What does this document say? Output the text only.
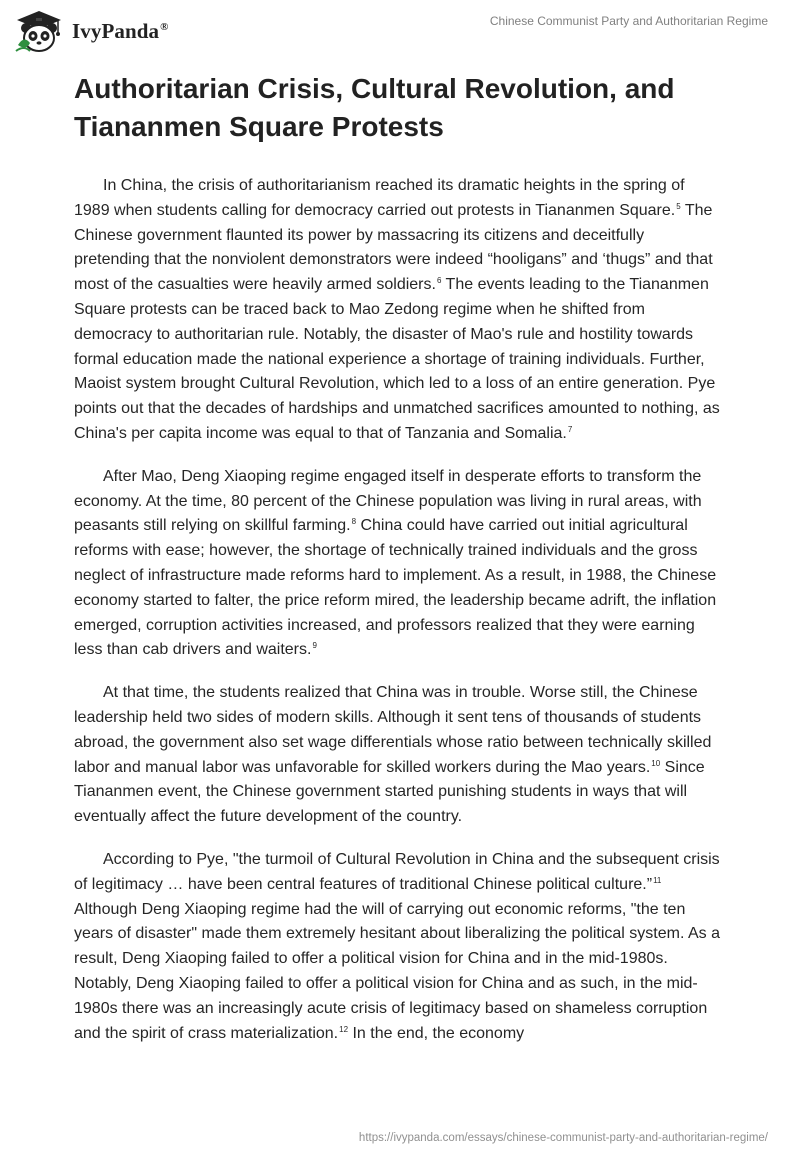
IvyPanda®	Chinese Communist Party and Authoritarian Regime
Authoritarian Crisis, Cultural Revolution, and Tiananmen Square Protests

In China, the crisis of authoritarianism reached its dramatic heights in the spring of 1989 when students calling for democracy carried out protests in Tiananmen Square.$^5$ The Chinese government flaunted its power by massacring its citizens and deceitfully pretending that the nonviolent demonstrators were indeed “hooligans” and ‘thugs” and that most of the casualties were heavily armed soldiers.$^6$ The events leading to the Tiananmen Square protests can be traced back to Mao Zedong regime when he shifted from democracy to authoritarian rule. Notably, the disaster of Mao's rule and hostility towards formal education made the national experience a shortage of training individuals. Further, Maoist system brought Cultural Revolution, which led to a loss of an entire generation. Pye points out that the decades of hardships and unmatched sacrifices amounted to nothing, as China's per capita income was equal to that of Tanzania and Somalia.$^7$

After Mao, Deng Xiaoping regime engaged itself in desperate efforts to transform the economy. At the time, 80 percent of the Chinese population was living in rural areas, with peasants still relying on skillful farming.$^8$ China could have carried out initial agricultural reforms with ease; however, the shortage of technically trained individuals and the gross neglect of infrastructure made reforms hard to implement. As a result, in 1988, the Chinese economy started to falter, the price reform mired, the leadership became adrift, the inflation emerged, corruption activities increased, and professors realized that they were earning less than cab drivers and waiters.$^9$

At that time, the students realized that China was in trouble. Worse still, the Chinese leadership held two sides of modern skills. Although it sent tens of thousands of students abroad, the government also set wage differentials whose ratio between technically skilled labor and manual labor was unfavorable for skilled workers during the Mao years.$^{10}$ Since Tiananmen event, the Chinese government started punishing students in ways that will eventually affect the future development of the country.

According to Pye, "the turmoil of Cultural Revolution in China and the subsequent crisis of legitimacy … have been central features of traditional Chinese political culture.”$^{11}$ Although Deng Xiaoping regime had the will of carrying out economic reforms, "the ten years of disaster" made them extremely hesitant about liberalizing the political system. As a result, Deng Xiaoping failed to offer a political vision for China and in the mid-1980s. Notably, Deng Xiaoping failed to offer a political vision for China and as such, in the mid-1980s there was an increasingly acute crisis of legitimacy based on shameless corruption and the spirit of crass materialization.$^{12}$ In the end, the economy

https://ivypanda.com/essays/chinese-communist-party-and-authoritarian-regime/
